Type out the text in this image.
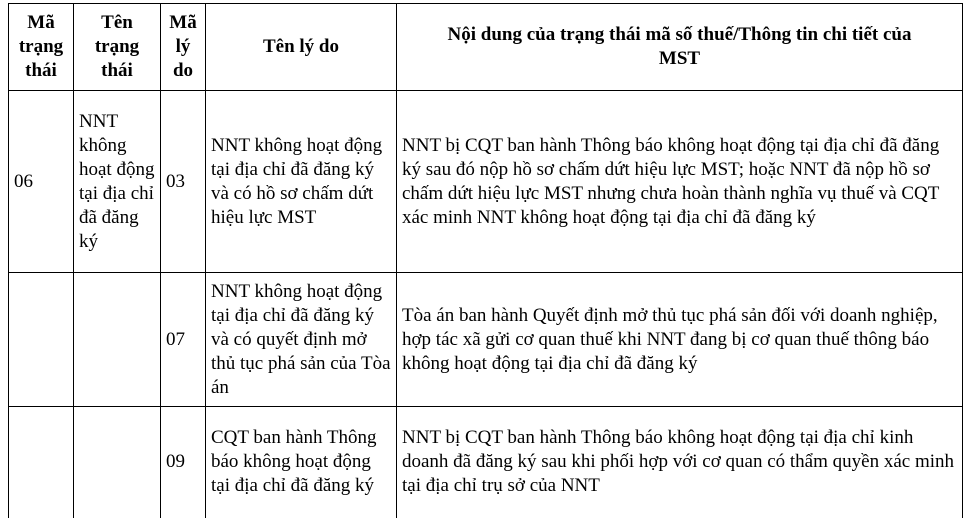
Mã trạng thái	Tên trạng thái	Mã lý do	Tên lý do	Nội dung của trạng thái mã số thuế/Thông tin chi tiết của MST
06	NNT không hoạt động tại địa chỉ đã đăng ký	03	NNT không hoạt động tại địa chỉ đã đăng ký và có hồ sơ chấm dứt hiệu lực MST	NNT bị CQT ban hành Thông báo không hoạt động tại địa chỉ đã đăng ký sau đó nộp hồ sơ chấm dứt hiệu lực MST; hoặc NNT đã nộp hồ sơ chấm dứt hiệu lực MST nhưng chưa hoàn thành nghĩa vụ thuế và CQT xác minh NNT không hoạt động tại địa chỉ đã đăng ký
		07	NNT không hoạt động tại địa chỉ đã đăng ký và có quyết định mở thủ tục phá sản của Tòa án	Tòa án ban hành Quyết định mở thủ tục phá sản đối với doanh nghiệp, hợp tác xã gửi cơ quan thuế khi NNT đang bị cơ quan thuế thông báo không hoạt động tại địa chỉ đã đăng ký
		09	CQT ban hành Thông báo không hoạt động tại địa chỉ đã đăng ký	NNT bị CQT ban hành Thông báo không hoạt động tại địa chỉ kinh doanh đã đăng ký sau khi phối hợp với cơ quan có thẩm quyền xác minh tại địa chỉ trụ sở của NNT
